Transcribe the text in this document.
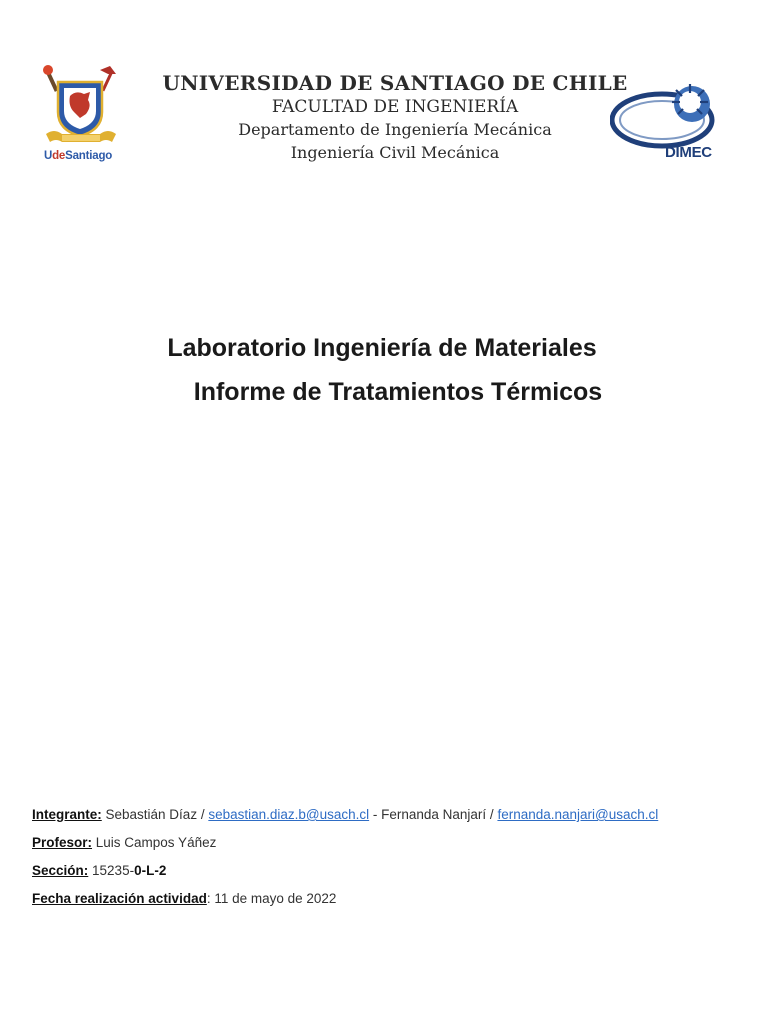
UdeSantiago
UNIVERSIDAD DE SANTIAGO DE CHILE
FACULTAD DE INGENIERÍA
Departamento de Ingeniería Mecánica
Ingeniería Civil Mecánica	DIMEC
Laboratorio Ingeniería de Materiales
Informe de Tratamientos Térmicos
Integrante: Sebastián Díaz / sebastian.diaz.b@usach.cl - Fernanda Nanjarí / fernanda.nanjari@usach.cl
Profesor: Luis Campos Yáñez
Sección: 15235-0-L-2
Fecha realización actividad: 11 de mayo de 2022
